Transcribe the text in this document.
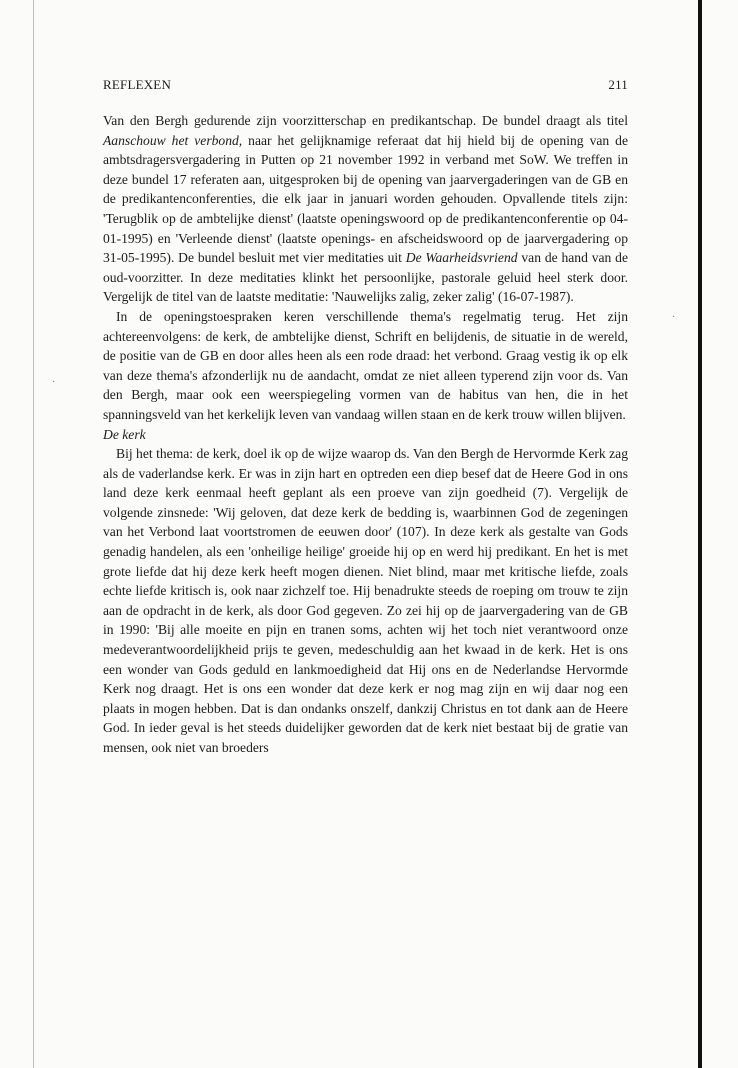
·
·
REFLEXEN	211

Van den Bergh gedurende zijn voorzitterschap en predikantschap. De bundel draagt als titel Aanschouw het verbond, naar het gelijknamige referaat dat hij hield bij de opening van de ambtsdragersvergadering in Putten op 21 november 1992 in verband met SoW. We treffen in deze bundel 17 referaten aan, uitgesproken bij de opening van jaarvergaderingen van de GB en de predikantenconferenties, die elk jaar in januari worden gehouden. Opvallende titels zijn: 'Terugblik op de ambtelijke dienst' (laatste openingswoord op de predikantenconferentie op 04-01-1995) en 'Verleende dienst' (laatste openings- en afscheidswoord op de jaarvergadering op 31-05-1995). De bundel besluit met vier meditaties uit De Waarheidsvriend van de hand van de oud-voorzitter. In deze meditaties klinkt het persoonlijke, pastorale geluid heel sterk door. Vergelijk de titel van de laatste meditatie: 'Nauwelijks zalig, zeker zalig' (16-07-1987).

In de openingstoespraken keren verschillende thema's regelmatig terug. Het zijn achtereenvolgens: de kerk, de ambtelijke dienst, Schrift en belijdenis, de situatie in de wereld, de positie van de GB en door alles heen als een rode draad: het verbond. Graag vestig ik op elk van deze thema's afzonderlijk nu de aandacht, omdat ze niet alleen typerend zijn voor ds. Van den Bergh, maar ook een weerspiegeling vormen van de habitus van hen, die in het spanningsveld van het kerkelijk leven van vandaag willen staan en de kerk trouw willen blijven.

De kerk

Bij het thema: de kerk, doel ik op de wijze waarop ds. Van den Bergh de Hervormde Kerk zag als de vaderlandse kerk. Er was in zijn hart en optreden een diep besef dat de Heere God in ons land deze kerk eenmaal heeft geplant als een proeve van zijn goedheid (7). Vergelijk de volgende zinsnede: 'Wij geloven, dat deze kerk de bedding is, waarbinnen God de zegeningen van het Verbond laat voortstromen de eeuwen door' (107). In deze kerk als gestalte van Gods genadig handelen, als een 'onheilige heilige' groeide hij op en werd hij predikant. En het is met grote liefde dat hij deze kerk heeft mogen dienen. Niet blind, maar met kritische liefde, zoals echte liefde kritisch is, ook naar zichzelf toe. Hij benadrukte steeds de roeping om trouw te zijn aan de opdracht in de kerk, als door God gegeven. Zo zei hij op de jaarvergadering van de GB in 1990: 'Bij alle moeite en pijn en tranen soms, achten wij het toch niet verantwoord onze medeverantwoordelijkheid prijs te geven, medeschuldig aan het kwaad in de kerk. Het is ons een wonder van Gods geduld en lankmoedigheid dat Hij ons en de Nederlandse Hervormde Kerk nog draagt. Het is ons een wonder dat deze kerk er nog mag zijn en wij daar nog een plaats in mogen hebben. Dat is dan ondanks onszelf, dankzij Christus en tot dank aan de Heere God. In ieder geval is het steeds duidelijker geworden dat de kerk niet bestaat bij de gratie van mensen, ook niet van broeders
